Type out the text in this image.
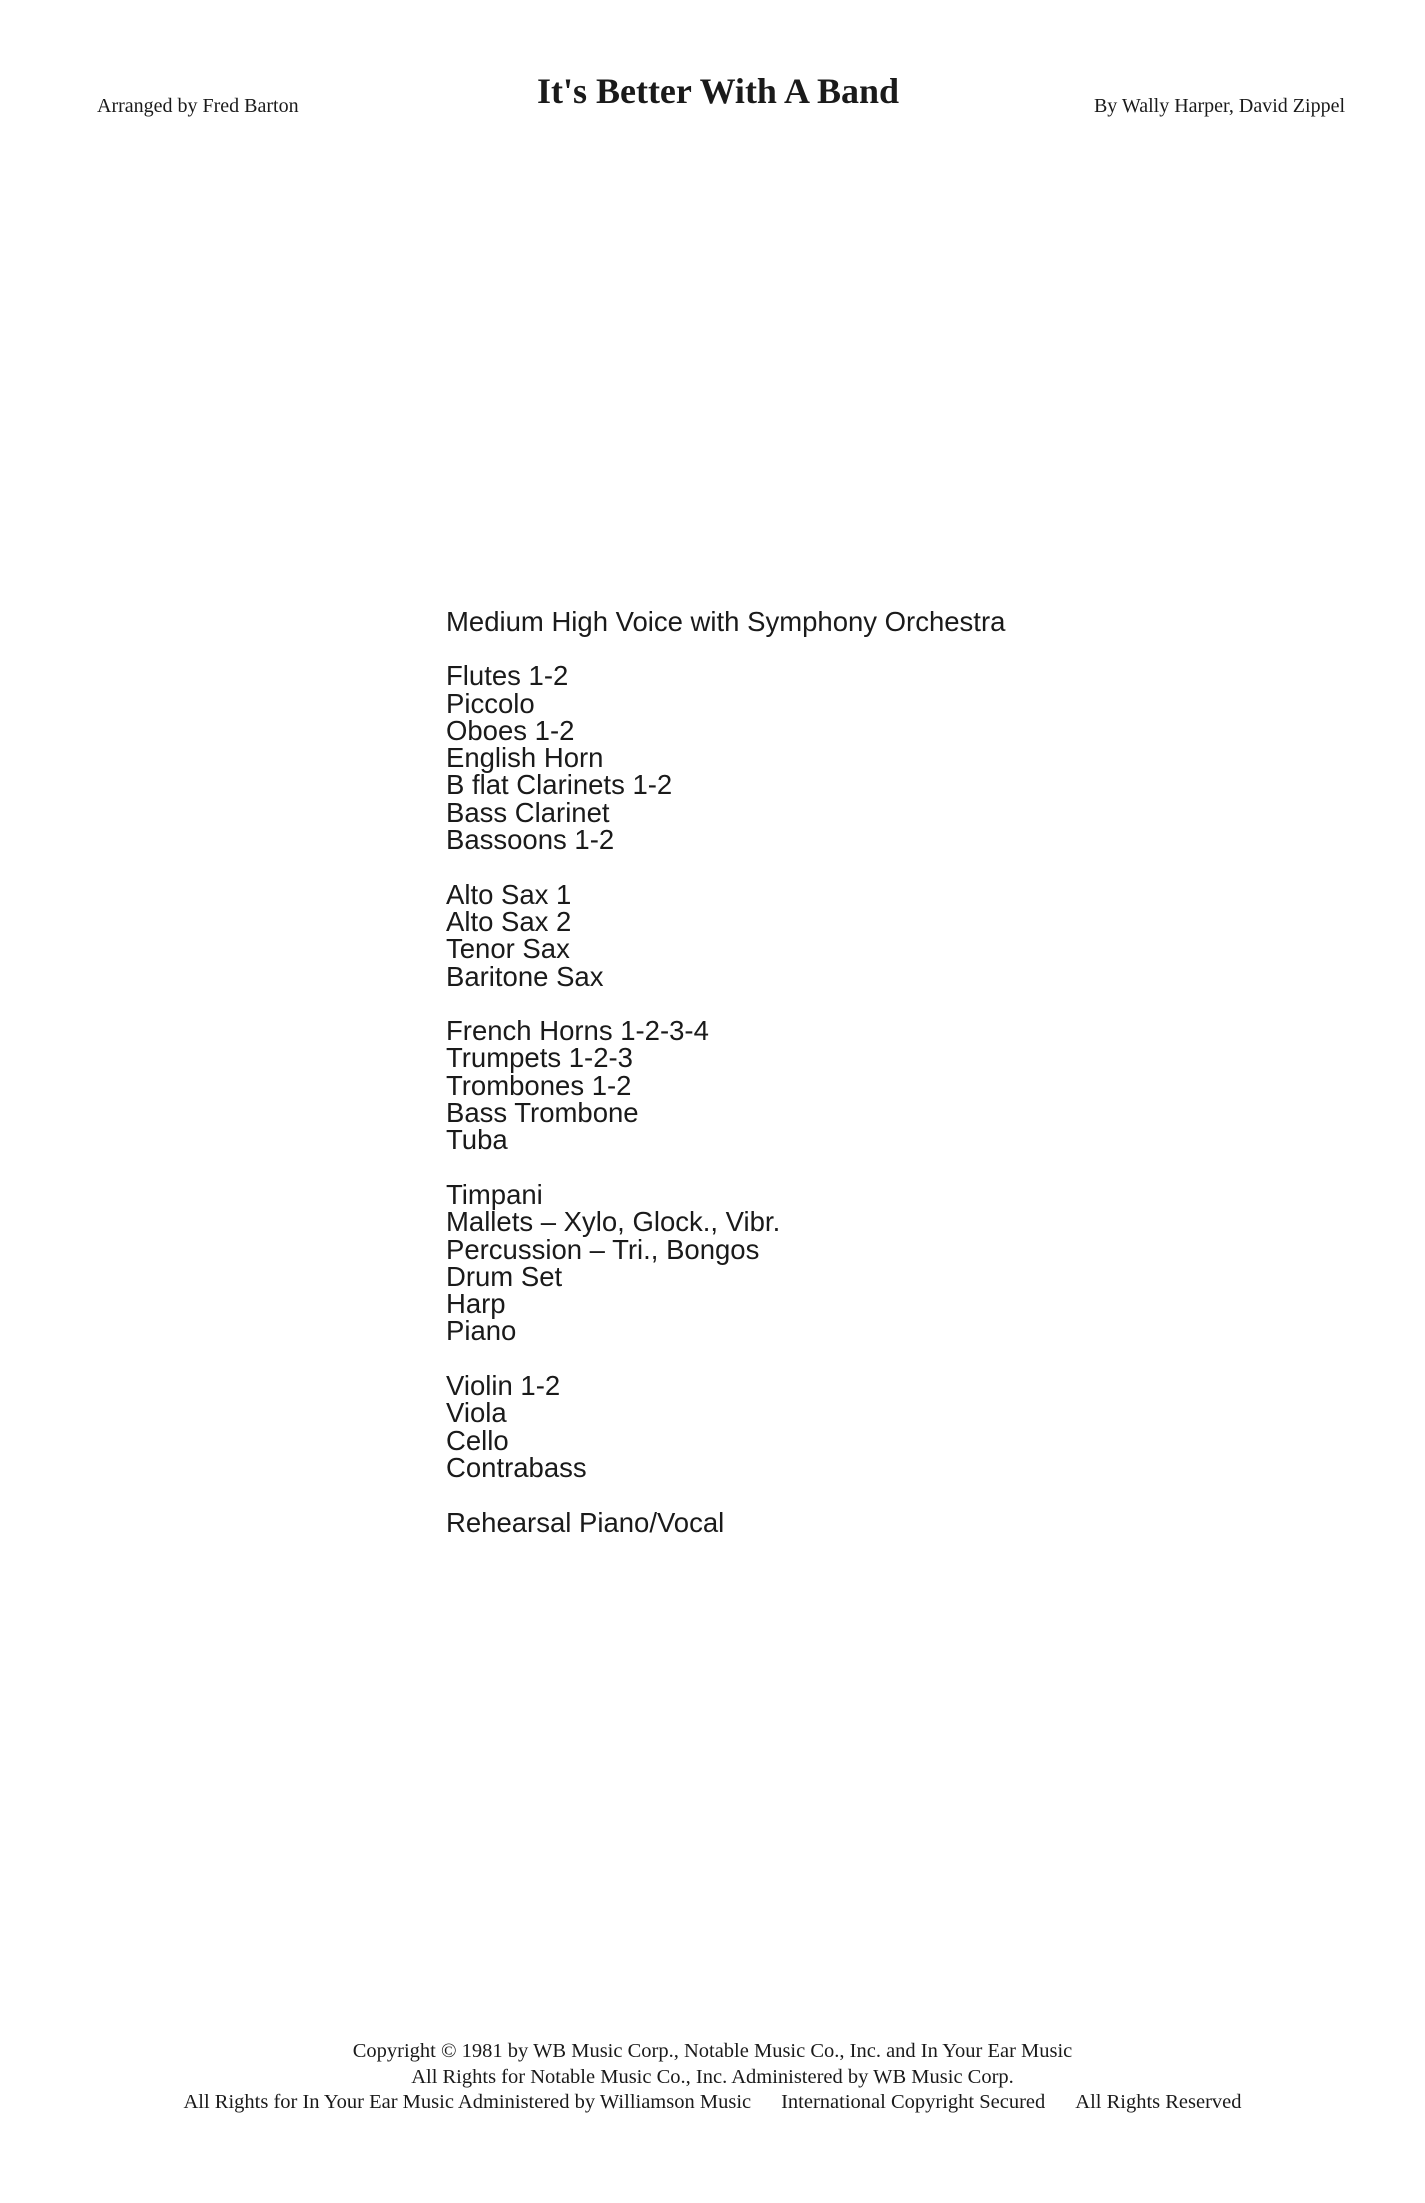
Arranged by Fred Barton	It's Better With A Band	By Wally Harper, David Zippel
Medium High Voice with Symphony Orchestra
Flutes 1-2
Piccolo
Oboes 1-2
English Horn
B flat Clarinets 1-2
Bass Clarinet
Bassoons 1-2
Alto Sax 1
Alto Sax 2
Tenor Sax
Baritone Sax
French Horns 1-2-3-4
Trumpets 1-2-3
Trombones 1-2
Bass Trombone
Tuba
Timpani
Mallets – Xylo, Glock., Vibr.
Percussion – Tri., Bongos
Drum Set
Harp
Piano
Violin 1-2
Viola
Cello
Contrabass
Rehearsal Piano/Vocal
Copyright © 1981 by WB Music Corp., Notable Music Co., Inc. and In Your Ear Music
All Rights for Notable Music Co., Inc. Administered by WB Music Corp.
All Rights for In Your Ear Music Administered by Williamson Music International Copyright Secured All Rights Reserved
